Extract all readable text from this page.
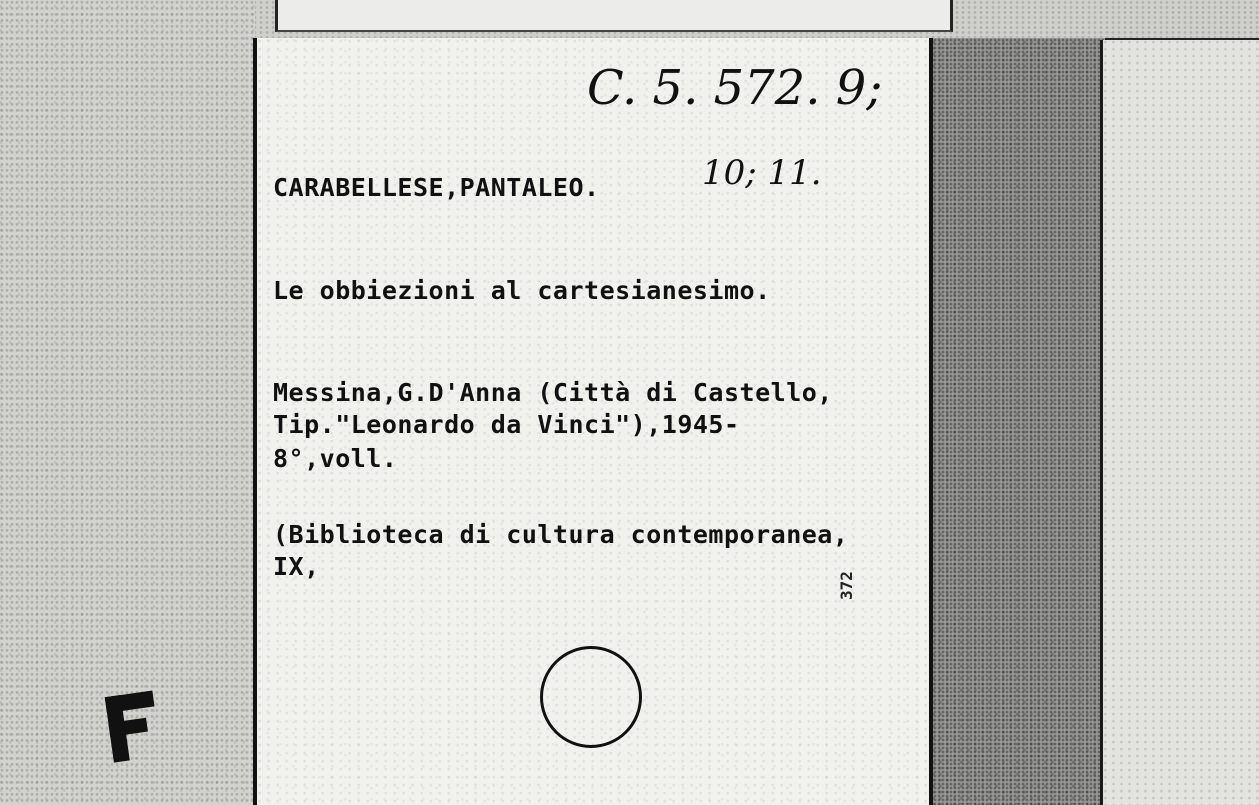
C. 5. 572. 9;

10; 11.

CARABELLESE,PANTALEO.

Le obbiezioni al cartesianesimo.

Messina,G.D'Anna (Città di Castello,

Tip."Leonardo da Vinci"),1945-

8°,voll.

(Biblioteca di cultura contemporanea,

IX,

372
